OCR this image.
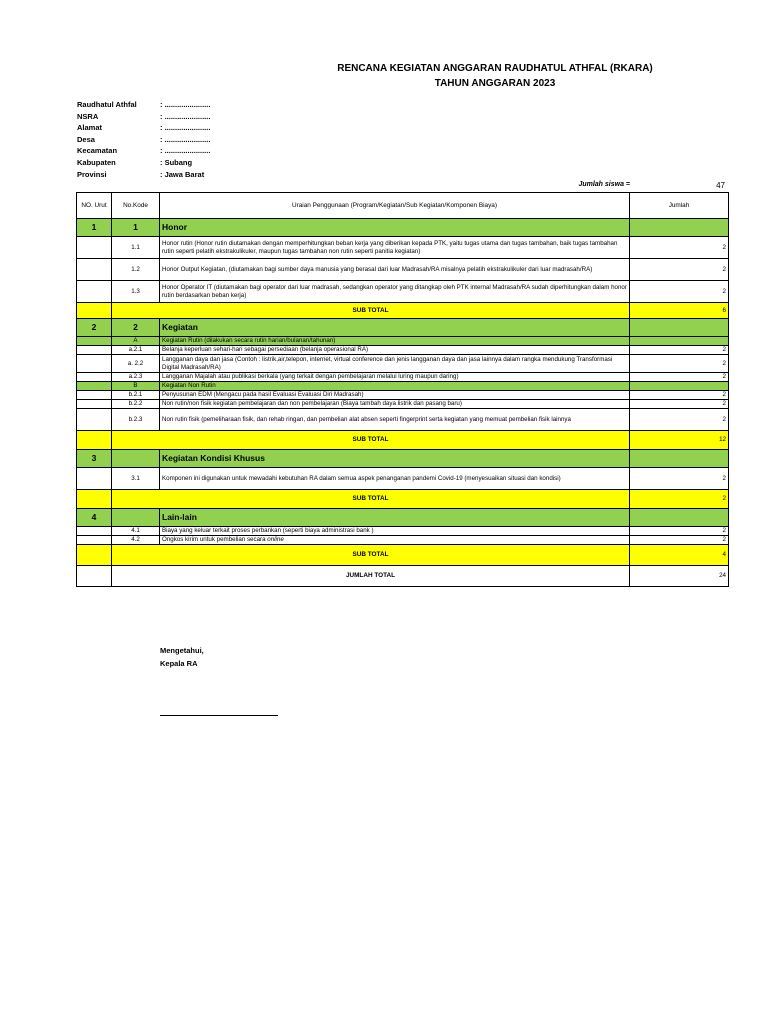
RENCANA KEGIATAN ANGGARAN RAUDHATUL ATHFAL (RKARA)
TAHUN ANGGARAN 2023
Raudhatul Athfal	: ......................
NSRA	: ......................
Alamat	: ......................
Desa	: ......................
Kecamatan	: ......................
Kabupaten	: Subang
Provinsi	: Jawa Barat
Jumlah siswa =	47
NO. Urut	No.Kode	Uraian Penggunaan (Program/Kegiatan/Sub Kegiatan/Komponen Biaya)	Jumlah
1	1	Honor	
	1.1	Honor rutin (Honor rutin diutamakan dengan memperhitungkan beban kerja yang diberikan kepada PTK, yaitu tugas utama dan tugas tambahan, baik tugas tambahan rutin seperti pelatih ekstrakulikuler, maupun tugas tambahan non rutin seperti panitia kegiatan)	2
	1.2	Honor Output Kegiatan, (diutamakan bagi sumber daya manusia yang berasal dari luar Madrasah/RA misalnya pelatih ekstrakulikuler dari luar madrasah/RA)	2
	1.3	Honor Operator IT (diutamakan bagi operator dari luar madrasah, sedangkan operator yang ditangkap oleh PTK internal Madrasah/RA sudah diperhitungkan dalam honor rutin berdasarkan beban kerja)	2
	SUB TOTAL		6
2	2	Kegiatan	
	A	Kegiatan Rutin (dilakukan secara rutin harian/bulanan/tahunan)	
	a.2.1	Belanja keperluan sehari-hari sebagai persediaan (belanja operasional RA)	2
	a. 2.2	Langganan daya dan jasa (Contoh : listrik,air,telepon, internet, virtual conference dan jenis langganan daya dan jasa lainnya dalam rangka mendukung Transformasi Digital Madrasah/RA)	2
	a.2.3	Langganan Majalah atau publikasi berkala (yang terkait dengan pembelajaran melalui luring maupun daring)	2
	B	Kegiatan Non Rutin	
	b.2.1	Penyusunan EDM (Mengacu pada hasil Evaluasi Evaluasi Diri Madrasah)	2
	b.2.2	Non rutin/non fisik kegiatan pembelajaran dan non pembelajaran (Biaya tambah daya listrik dan pasang baru)	2
	b.2.3	Non rutin fisik (pemeliharaan fisik, dan rehab ringan, dan pembelian alat absen seperti fingerprint serta kegiatan yang memuat pembelian fisik lainnya	2
	SUB TOTAL		12
3		Kegiatan Kondisi Khusus	
	3.1	Komponen ini digunakan untuk mewadahi kebutuhan RA dalam semua aspek penanganan pandemi Covid-19 (menyesuaikan situasi dan kondisi)	2
	SUB TOTAL		2
4		Lain-lain	
	4.1	Biaya yang keluar terkait proses perbankan (seperti biaya administrasi bank )	2
	4.2	Ongkos kirim untuk pembelian secara online	2
	SUB TOTAL		4
	JUMLAH TOTAL		24
Mengetahui,
Kepala RA
